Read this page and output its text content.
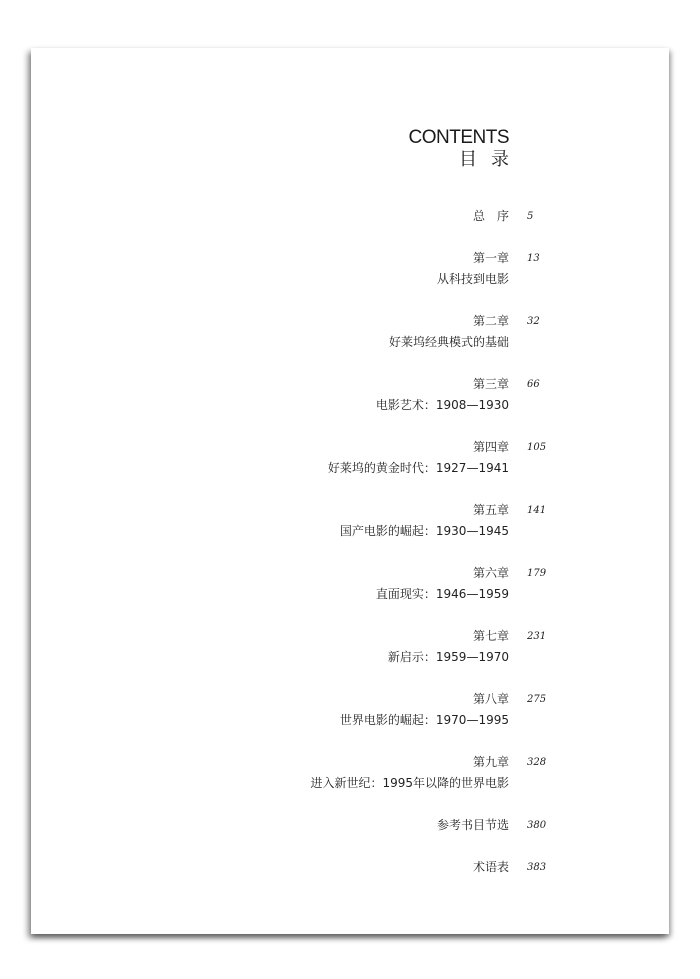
CONTENTS
目录
总序 5
第一章
从科技到电影
13
第二章
好莱坞经典模式的基础
32
第三章
电影艺术：1908—1930
66
第四章
好莱坞的黄金时代：1927—1941
105
第五章
国产电影的崛起：1930—1945
141
第六章
直面现实：1946—1959
179
第七章
新启示：1959—1970
231
第八章
世界电影的崛起：1970—1995
275
第九章
进入新世纪：1995年以降的世界电影
328
参考书目节选 380
术语表 383
